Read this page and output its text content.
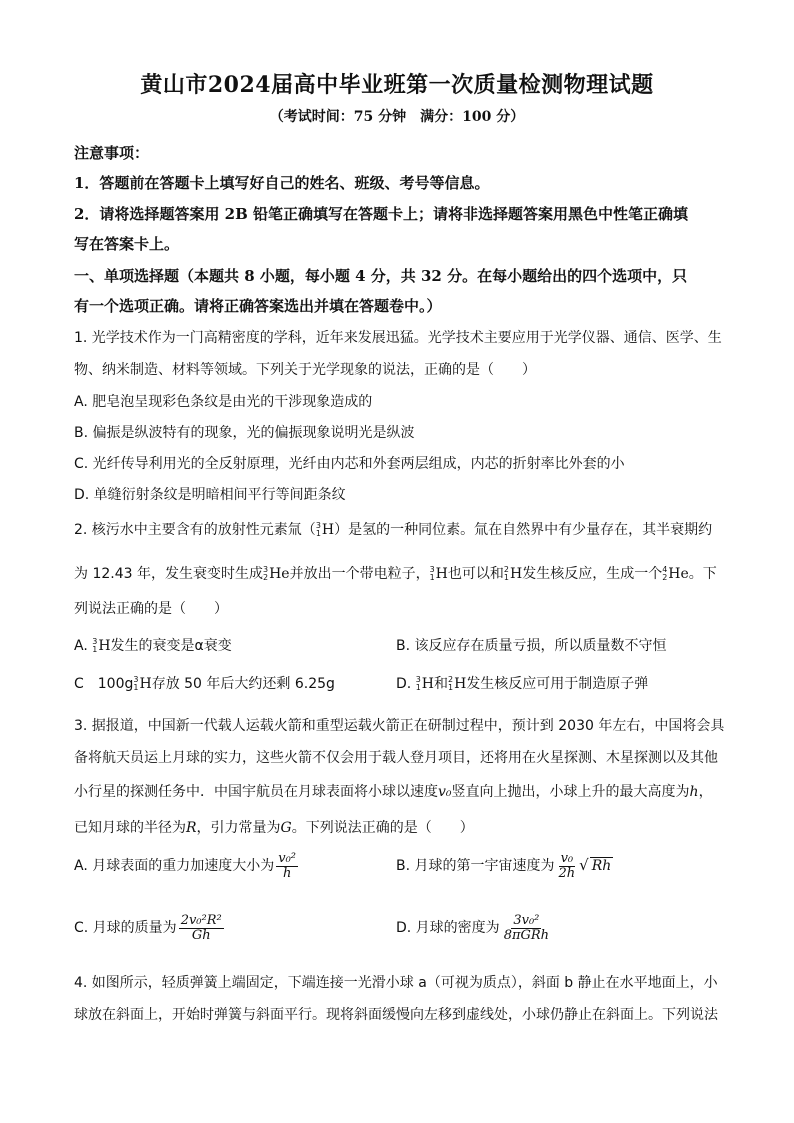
黄山市2024届高中毕业班第一次质量检测物理试题
（考试时间：75 分钟　满分：100 分）
注意事项：
1．答题前在答题卡上填写好自己的姓名、班级、考号等信息。
2．请将选择题答案用 2B 铅笔正确填写在答题卡上；请将非选择题答案用黑色中性笔正确填
写在答案卡上。
一、单项选择题（本题共 8 小题，每小题 4 分，共 32 分。在每小题给出的四个选项中，只
有一个选项正确。请将正确答案选出并填在答题卷中。）
1. 光学技术作为一门高精密度的学科，近年来发展迅猛。光学技术主要应用于光学仪器、通信、医学、生
物、纳米制造、材料等领域。下列关于光学现象的说法，正确的是（　　）
A. 肥皂泡呈现彩色条纹是由光的干涉现象造成的
B. 偏振是纵波特有的现象，光的偏振现象说明光是纵波
C. 光纤传导利用光的全反射原理，光纤由内芯和外套两层组成，内芯的折射率比外套的小
D. 单缝衍射条纹是明暗相间平行等间距条纹
2. 核污水中主要含有的放射性元素氚（ 3
1 H）是氢的一种同位素。氚在自然界中有少量存在，其半衰期约
为 12.43 年，发生衰变时生成 3
2 He并放出一个带电粒子， 3
1 H也可以和 2
1 H发生核反应，生成一个 4
2 He。下
列说法正确的是（　　）
A. 3
1 H发生的衰变是α衰变	B. 该反应存在质量亏损，所以质量数不守恒
C　100g 3
1 H存放 50 年后大约还剩 6.25g	D. 3
1 H和 2
1 H发生核反应可用于制造原子弹
3. 据报道，中国新一代载人运载火箭和重型运载火箭正在研制过程中，预计到 2030 年左右，中国将会具
备将航天员运上月球的实力，这些火箭不仅会用于载人登月项目，还将用在火星探测、木星探测以及其他
小行星的探测任务中．中国宇航员在月球表面将小球以速度v₀竖直向上抛出，小球上升的最大高度为h，
已知月球的半径为R，引力常量为G。下列说法正确的是（　　）
A. 月球表面的重力加速度大小为 $\frac{\text{v₀²}}{h}$	B. 月球的第一宇宙速度为 $\frac{\text{v₀}}{2h}$ √ Rh
C. 月球的质量为 $\frac{\text{2v₀²R²}}{Gh}$	D. 月球的密度为 $\frac{\text{3v₀²}}{\text{8πGRh}}$
4. 如图所示，轻质弹簧上端固定，下端连接一光滑小球 a（可视为质点），斜面 b 静止在水平地面上，小
球放在斜面上，开始时弹簧与斜面平行。现将斜面缓慢向左移到虚线处，小球仍静止在斜面上。下列说法
